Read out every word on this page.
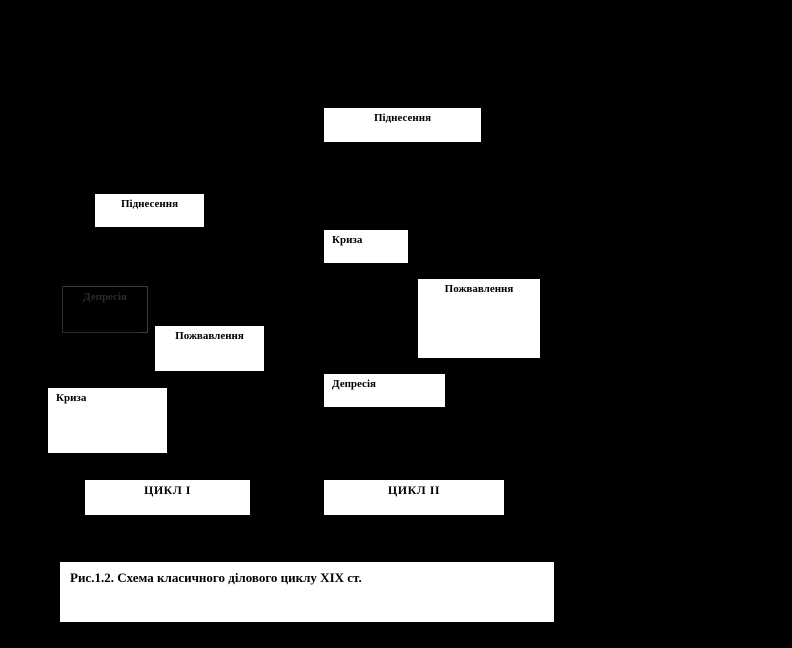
Депресія
Піднесення
Піднесення
Криза
Пожвавлення
Пожвавлення
Депресія
Криза
ЦИКЛ I	ЦИКЛ II
Рис.1.2. Схема класичного ділового циклу XIX ст.
